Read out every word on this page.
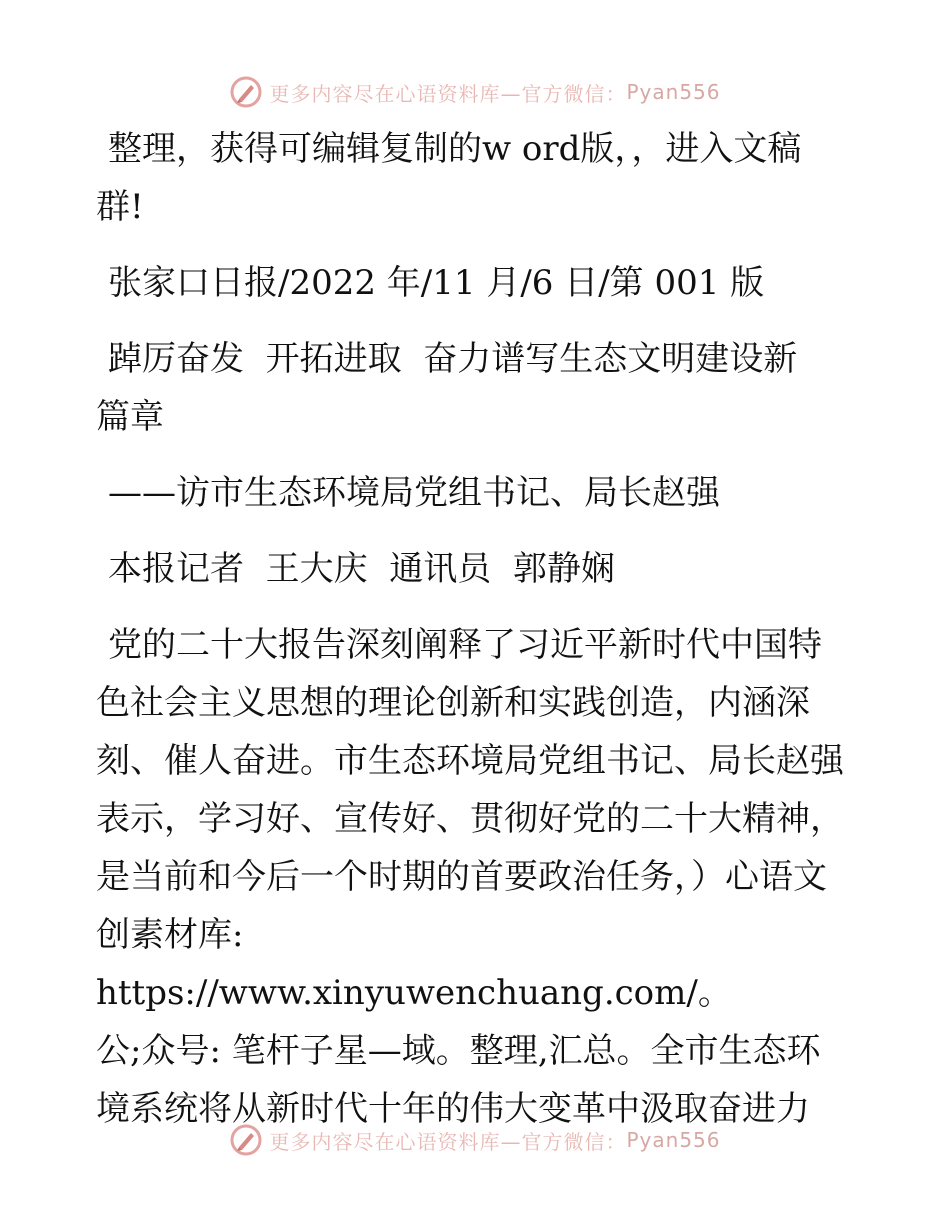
更多内容尽在心语资料库—官方微信： Pyan556

整理，获得可编辑复制的w ord版，，进入文稿

群!

张家口日报/2022 年/11 月/6 日/第 001 版

踔厉奋发  开拓进取  奋力谱写生态文明建设新

篇章

——访市生态环境局党组书记、局长赵强

本报记者  王大庆  通讯员  郭静娴

党的二十大报告深刻阐释了习近平新时代中国特

色社会主义思想的理论创新和实践创造，内涵深

刻、催人奋进。市生态环境局党组书记、局长赵强

表示，学习好、宣传好、贯彻好党的二十大精神，

是当前和今后一个时期的首要政治任务，）心语文

创素材库: https://www.xinyuwenchuang.com/。

公;众号: 笔杆子星—域。整理,汇总。全市生态环

境系统将从新时代十年的伟大变革中汲取奋进力

更多内容尽在心语资料库—官方微信： Pyan556
